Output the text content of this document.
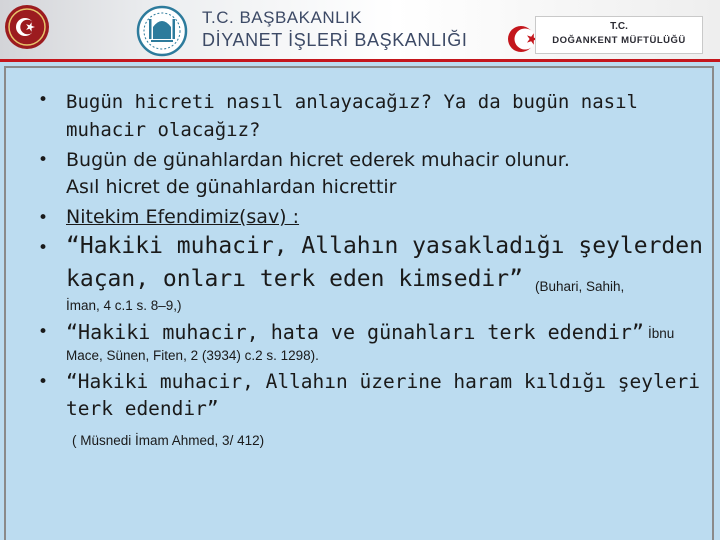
T.C. BAŞBAKANLIK
DİYANET İŞLERİ BAŞKANLIĞI
T.C.
DOĞANKENT MÜFTÜLÜĞÜ
• Bugün hicreti nasıl anlayacağız? Ya da bugün nasıl
muhacir olacağız?
• Bugün de günahlardan hicret ederek muhacir olunur.
Asıl hicret de günahlardan hicrettir
• Nitekim Efendimiz(sav) :
• “Hakiki muhacir, Allahın yasakladığı şeylerden
kaçan, onları terk eden kimsedir” (Buhari, Sahih,
İman, 4 c.1 s. 8–9,)
• “Hakiki muhacir, hata ve günahları terk edendir” İbnu
Mace, Sünen, Fiten, 2 (3934) c.2 s. 1298).
• “Hakiki muhacir, Allahın üzerine haram kıldığı şeyleri
terk edendir”
( Müsnedi İmam Ahmed, 3/ 412)
